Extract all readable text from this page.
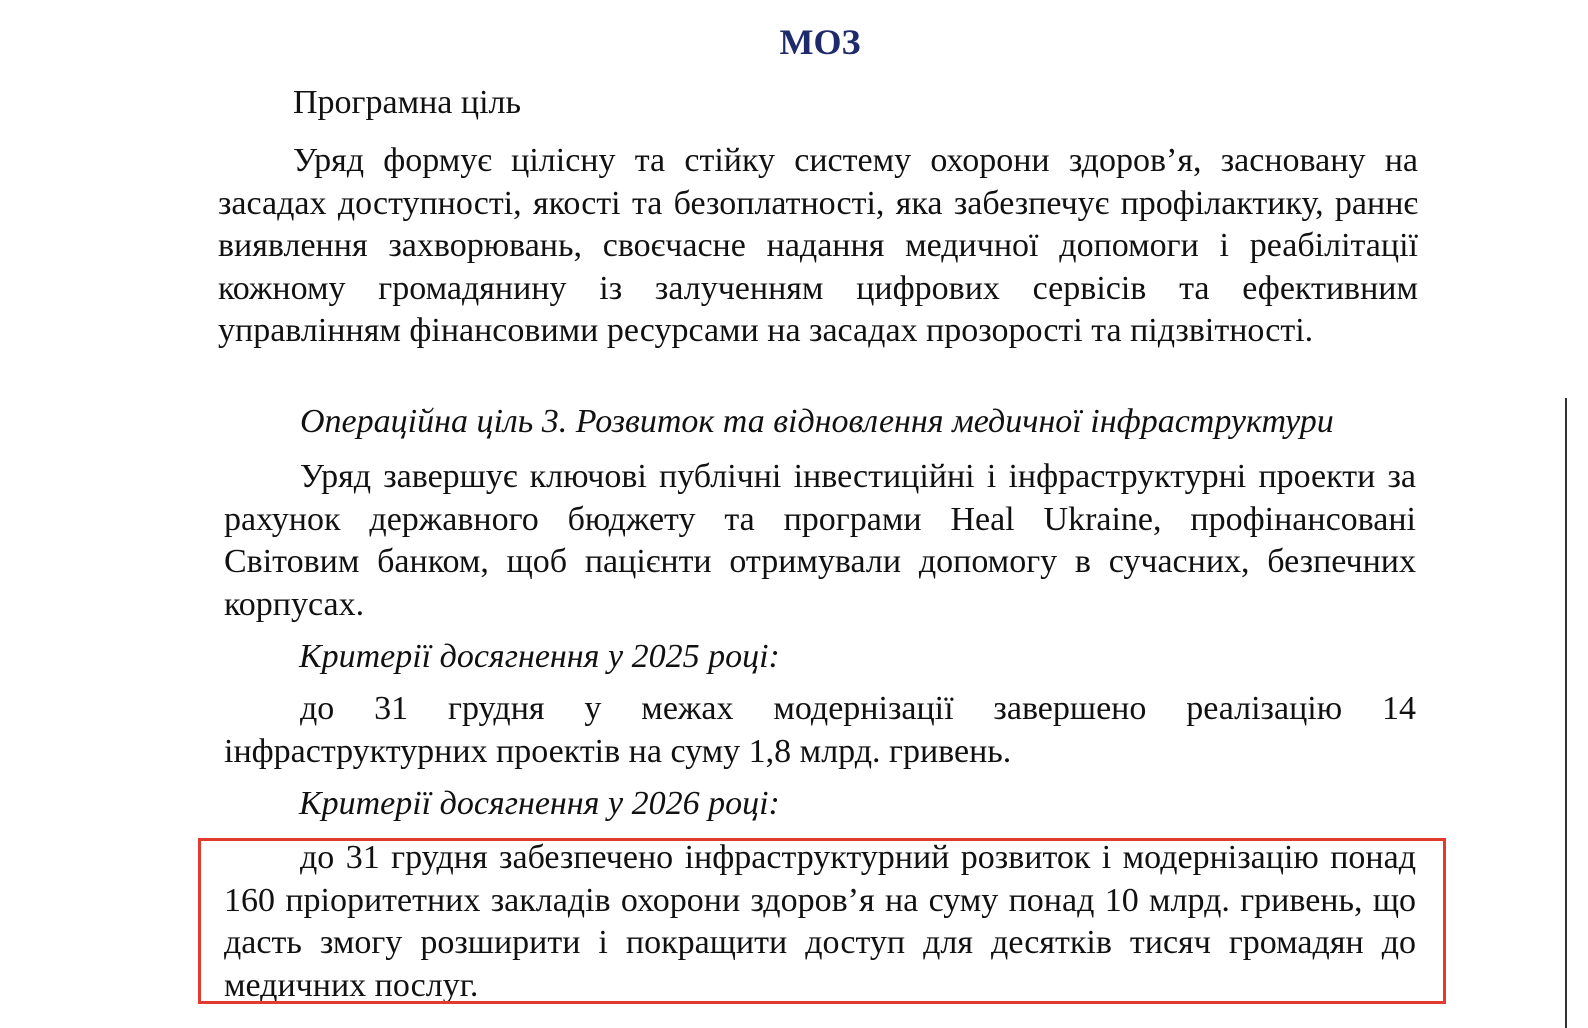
МОЗ
Програмна ціль
Уряд формує цілісну та стійку систему охорони здоров’я, засновану на засадах доступності, якості та безоплатності, яка забезпечує профілактику, раннє виявлення захворювань, своєчасне надання медичної допомоги і реабілітації кожному громадянину із залученням цифрових сервісів та ефективним управлінням фінансовими ресурсами на засадах прозорості та підзвітності.
Операційна ціль 3. Розвиток та відновлення медичної інфраструктури
Уряд завершує ключові публічні інвестиційні і інфраструктурні проекти за рахунок державного бюджету та програми Heal Ukraine, профінансовані Світовим банком, щоб пацієнти отримували допомогу в сучасних, безпечних корпусах.
Критерії досягнення у 2025 році:
до 31 грудня у межах модернізації завершено реалізацію 14 інфраструктурних проектів на суму 1,8 млрд. гривень.
Критерії досягнення у 2026 році:
до 31 грудня забезпечено інфраструктурний розвиток і модернізацію понад 160 пріоритетних закладів охорони здоров’я на суму понад 10 млрд. гривень, що дасть змогу розширити і покращити доступ для десятків тисяч громадян до медичних послуг.
